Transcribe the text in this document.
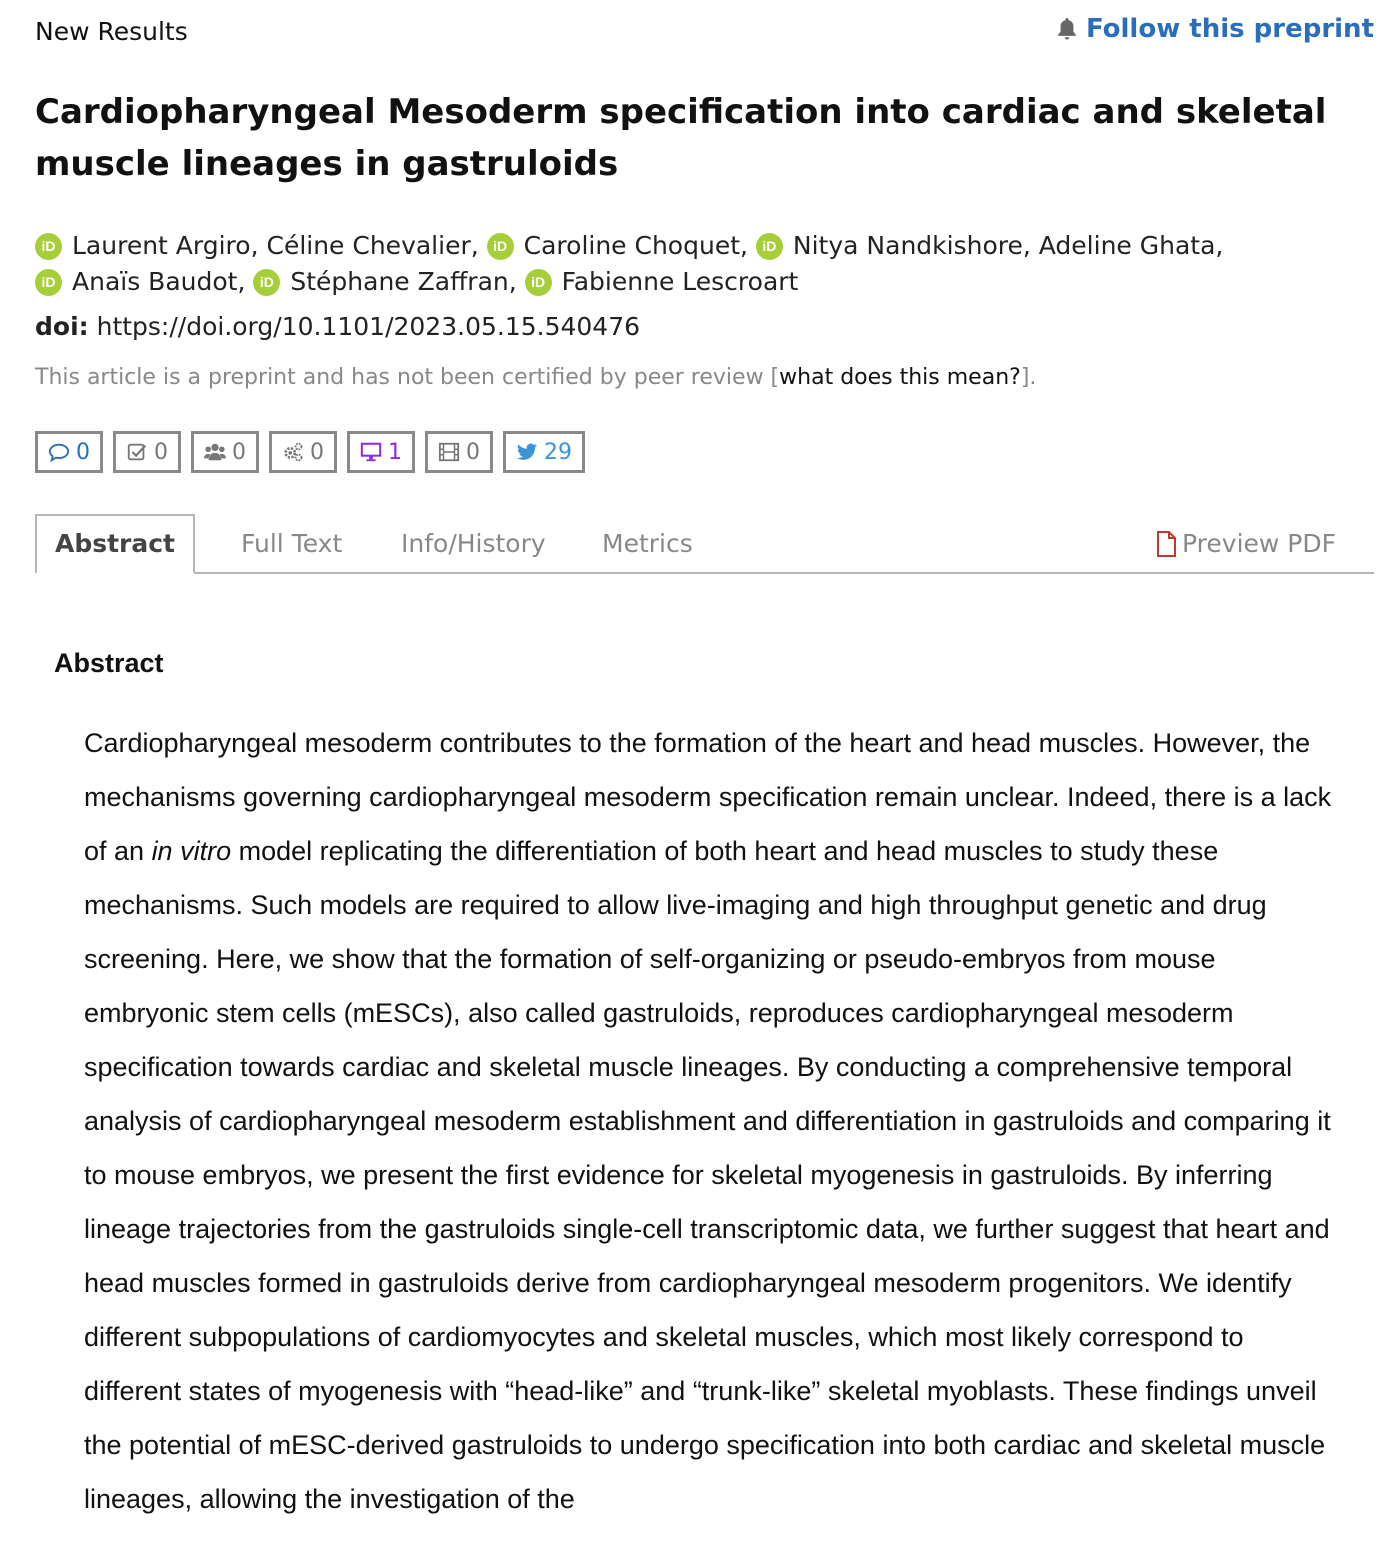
New Results	Follow this preprint
Cardiopharyngeal Mesoderm specification into cardiac and skeletal muscle lineages in gastruloids
iD Laurent Argiro, Céline Chevalier, iD Caroline Choquet, iD Nitya Nandkishore, Adeline Ghata,
iD Anaïs Baudot, iD Stéphane Zaffran, iD Fabienne Lescroart
doi: https://doi.org/10.1101/2023.05.15.540476
This article is a preprint and has not been certified by peer review [what does this mean?].
0	0	0	0	1	0	29
Abstract	Full Text Info/History Metrics	Preview PDF
Abstract

Cardiopharyngeal mesoderm contributes to the formation of the heart and head muscles. However, the mechanisms governing cardiopharyngeal mesoderm specification remain unclear. Indeed, there is a lack of an in vitro model replicating the differentiation of both heart and head muscles to study these mechanisms. Such models are required to allow live-imaging and high throughput genetic and drug screening. Here, we show that the formation of self-organizing or pseudo-embryos from mouse embryonic stem cells (mESCs), also called gastruloids, reproduces cardiopharyngeal mesoderm specification towards cardiac and skeletal muscle lineages. By conducting a comprehensive temporal analysis of cardiopharyngeal mesoderm establishment and differentiation in gastruloids and comparing it to mouse embryos, we present the first evidence for skeletal myogenesis in gastruloids. By inferring lineage trajectories from the gastruloids single-cell transcriptomic data, we further suggest that heart and head muscles formed in gastruloids derive from cardiopharyngeal mesoderm progenitors. We identify different subpopulations of cardiomyocytes and skeletal muscles, which most likely correspond to different states of myogenesis with “head-like” and “trunk-like” skeletal myoblasts. These findings unveil the potential of mESC-derived gastruloids to undergo specification into both cardiac and skeletal muscle lineages, allowing the investigation of the
